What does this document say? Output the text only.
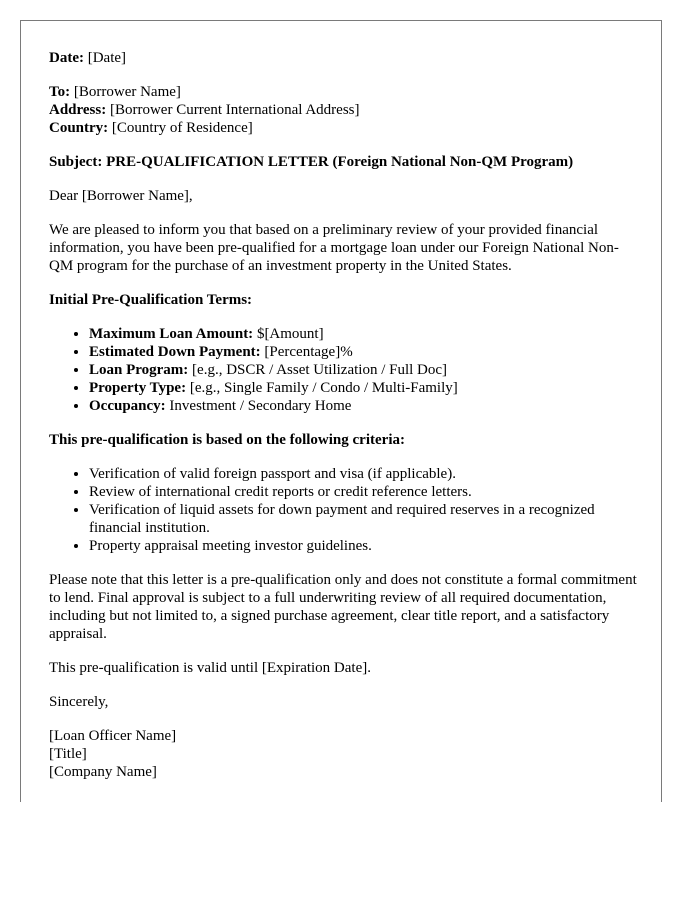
Date: [Date]

To: [Borrower Name]

Address: [Borrower Current International Address]

Country: [Country of Residence]

Subject: PRE-QUALIFICATION LETTER (Foreign National Non-QM Program)

Dear [Borrower Name],

We are pleased to inform you that based on a preliminary review of your provided financial information, you have been pre-qualified for a mortgage loan under our Foreign National Non-QM program for the purchase of an investment property in the United States.

Initial Pre-Qualification Terms:

• Maximum Loan Amount: $[Amount]
• Estimated Down Payment: [Percentage]%
• Loan Program: [e.g., DSCR / Asset Utilization / Full Doc]
• Property Type: [e.g., Single Family / Condo / Multi-Family]
• Occupancy: Investment / Secondary Home

This pre-qualification is based on the following criteria:

• Verification of valid foreign passport and visa (if applicable).
• Review of international credit reports or credit reference letters.
• Verification of liquid assets for down payment and required reserves in a recognized financial institution.
• Property appraisal meeting investor guidelines.

Please note that this letter is a pre-qualification only and does not constitute a formal commitment to lend. Final approval is subject to a full underwriting review of all required documentation, including but not limited to, a signed purchase agreement, clear title report, and a satisfactory appraisal.

This pre-qualification is valid until [Expiration Date].

Sincerely,

[Loan Officer Name]

[Title]

[Company Name]
